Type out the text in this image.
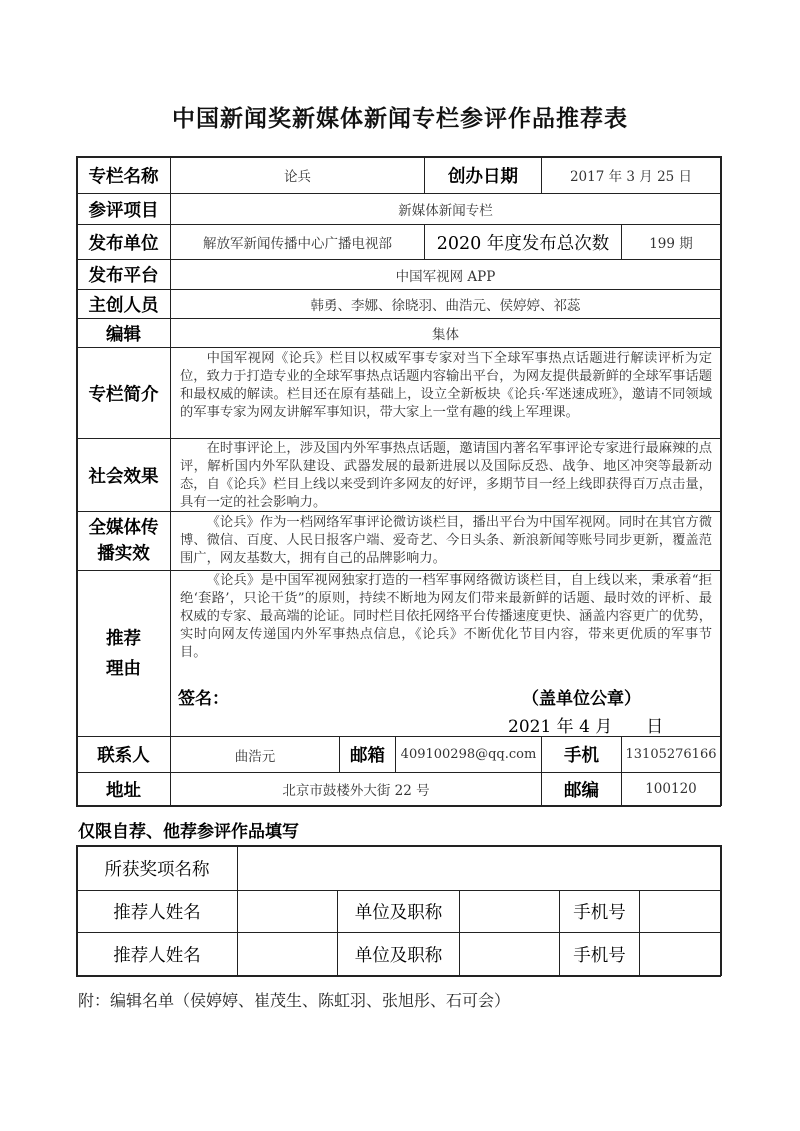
中国新闻奖新媒体新闻专栏参评作品推荐表
专栏名称	论兵	创办日期	2017 年 3 月 25 日
参评项目	新媒体新闻专栏
发布单位	解放军新闻传播中心广播电视部	2020 年度发布总次数	199 期
发布平台	中国军视网 APP
主创人员	韩勇、李娜、徐晓羽、曲浩元、侯婷婷、祁蕊
编辑	集体
专栏简介
中国军视网《论兵》栏目以权威军事专家对当下全球军事热点话题进行解读评析为定位，致力于打造专业的全球军事热点话题内容输出平台，为网友提供最新鲜的全球军事话题和最权威的解读。栏目还在原有基础上，设立全新板块《论兵·军迷速成班》，邀请不同领域的军事专家为网友讲解军事知识，带大家上一堂有趣的线上军理课。
社会效果
在时事评论上，涉及国内外军事热点话题，邀请国内著名军事评论专家进行最麻辣的点评，解析国内外军队建设、武器发展的最新进展以及国际反恐、战争、地区冲突等最新动态，自《论兵》栏目上线以来受到许多网友的好评，多期节目一经上线即获得百万点击量，具有一定的社会影响力。
全媒体传
播实效
《论兵》作为一档网络军事评论微访谈栏目，播出平台为中国军视网。同时在其官方微博、微信、百度、人民日报客户端、爱奇艺、今日头条、新浪新闻等账号同步更新，覆盖范围广，网友基数大，拥有自己的品牌影响力。
推荐
理由
《论兵》是中国军视网独家打造的一档军事网络微访谈栏目，自上线以来，秉承着“拒绝‘套路’，只论干货”的原则，持续不断地为网友们带来最新鲜的话题、最时效的评析、最权威的专家、最高端的论证。同时栏目依托网络平台传播速度更快、涵盖内容更广的优势，实时向网友传递国内外军事热点信息，《论兵》不断优化节目内容，带来更优质的军事节目。
签名：	（盖单位公章）
2021 年 4 月　　日
联系人	曲浩元	邮箱	409100298@qq.com	手机	13105276166
地址	北京市鼓楼外大街 22 号	邮编	100120
仅限自荐、他荐参评作品填写
所获奖项名称
推荐人姓名	单位及职称	手机号
推荐人姓名	单位及职称	手机号
附：编辑名单（侯婷婷、崔茂生、陈虹羽、张旭彤、石可会）
